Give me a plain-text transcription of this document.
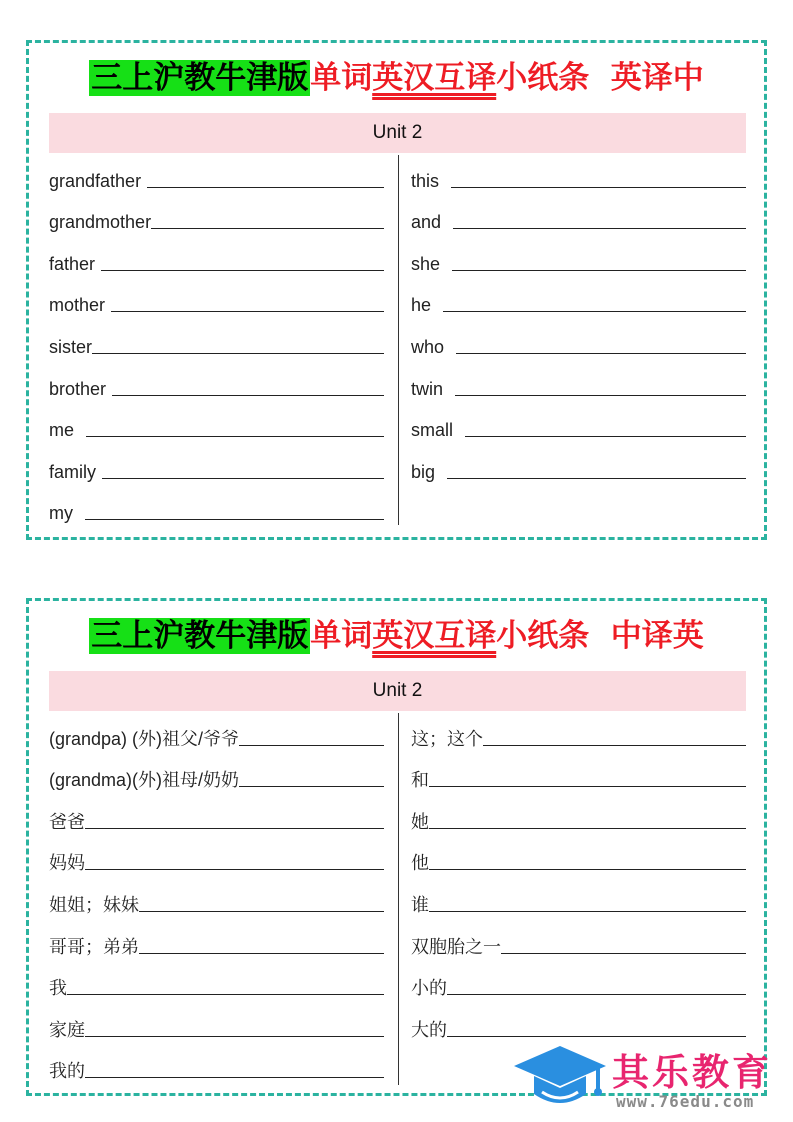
三上沪教牛津版单词英汉互译小纸条  英译中
Unit 2
grandfather
grandmother
father
mother
sister
brother
me
family
my
this
and
she
he
who
twin
small
big
三上沪教牛津版单词英汉互译小纸条  中译英
Unit 2
(grandpa) (外)祖父/爷爷
(grandma)(外)祖母/奶奶
爸爸
妈妈
姐姐；妹妹
哥哥；弟弟
我
家庭
我的
这；这个
和
她
他
谁
双胞胎之一
小的
大的
其乐教育
www.76edu.com
